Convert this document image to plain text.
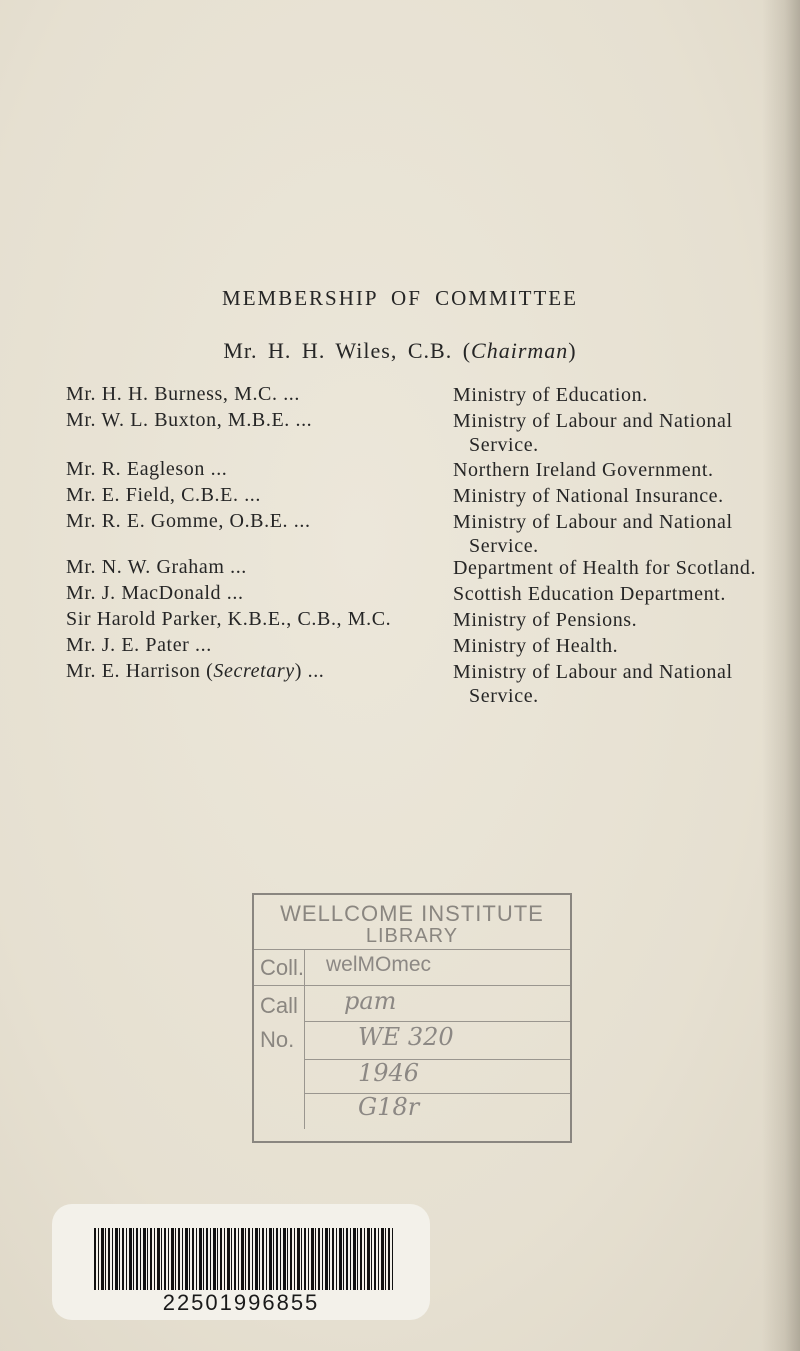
MEMBERSHIP OF COMMITTEE
Mr. H. H. Wiles, C.B. (Chairman)
Mr. H. H. Burness, M.C. ...	Ministry of Education.
Mr. W. L. Buxton, M.B.E. ...	Ministry of Labour and National
Service.
Mr. R. Eagleson ...	Northern Ireland Government.
Mr. E. Field, C.B.E. ...	Ministry of National Insurance.
Mr. R. E. Gomme, O.B.E. ...	Ministry of Labour and National
Service.
Mr. N. W. Graham ...	Department of Health for Scotland.
Mr. J. MacDonald ...	Scottish Education Department.
Sir Harold Parker, K.B.E., C.B., M.C.	Ministry of Pensions.
Mr. J. E. Pater ...	Ministry of Health.
Mr. E. Harrison (Secretary) ...	Ministry of Labour and National
Service.
WELLCOME INSTITUTE
LIBRARY
Coll. welMOmec
Call pam
No.	WE 320
1946
G18r
22501996855
